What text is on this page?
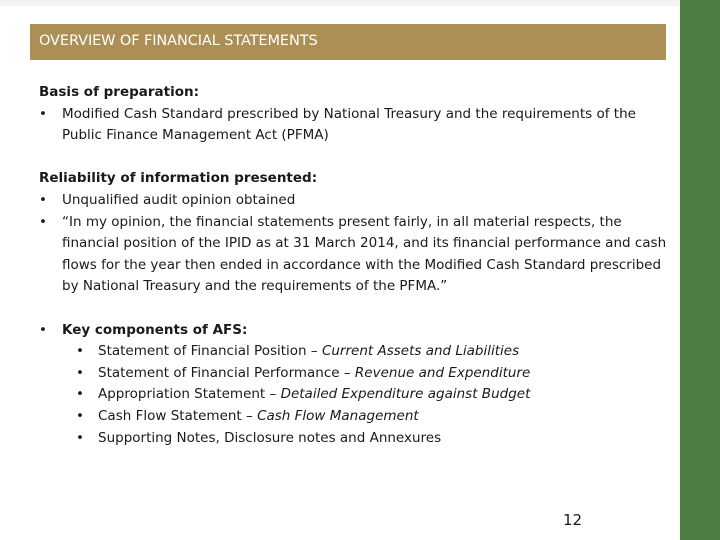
OVERVIEW OF FINANCIAL STATEMENTS
Basis of preparation:
• Modified Cash Standard prescribed by National Treasury and the requirements of the Public Finance Management Act (PFMA)
Reliability of information presented:
• Unqualified audit opinion obtained
• “In my opinion, the financial statements present fairly, in all material respects, the financial position of the IPID as at 31 March 2014, and its financial performance and cash flows for the year then ended in accordance with the Modified Cash Standard prescribed by National Treasury and the requirements of the PFMA.”
• Key components of AFS:
• Statement of Financial Position – Current Assets and Liabilities
• Statement of Financial Performance – Revenue and Expenditure
• Appropriation Statement – Detailed Expenditure against Budget
• Cash Flow Statement – Cash Flow Management
• Supporting Notes, Disclosure notes and Annexures
12
